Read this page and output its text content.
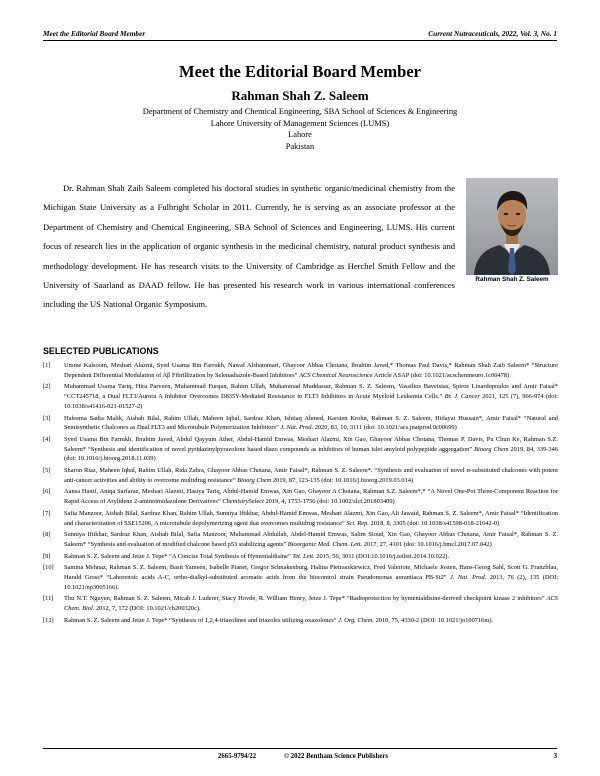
Meet the Editorial Board Member	Current Nutraceuticals, 2022, Vol. 3, No. 1
Meet the Editorial Board Member
Rahman Shah Z. Saleem
Department of Chemistry and Chemical Engineering, SBA School of Sciences & Engineering
Lahore University of Management Sciences (LUMS)
Lahore
Pakistan

Dr. Rahman Shah Zaib Saleem completed his doctoral studies in synthetic organic/medicinal chemistry from the Michigan State University as a Fulbright Scholar in 2011. Currently, he is serving as an associate professor at the Department of Chemistry and Chemical Engineering, SBA School of Sciences and Engineering, LUMS. His current focus of research lies in the application of organic synthesis in the medicinal chemistry, natural product synthesis and methodology development. He has research visits to the University of Cambridge as Herchel Smith Fellow and the University of Saarland as DAAD fellow. He has presented his research work in various international conferences including the US National Organic Symposium.

Rahman Shah Z. Saleem
SELECTED PUBLICATIONS
[1] Umme Kalsoom, Meshari Alazmi, Syed Usama Bin Farrukh, Nawaf Alshammari, Ghayoor Abbas Chotana, Ibrahim Javed,* Thomas Paul Davis,* Rahman Shah Zaib Saleem* “Structure Dependent Differential Modulation of Aβ Fibrillization by Selenadiazole-Based Inhibitors” ACS Chemical Neuroscience Article ASAP (doi: 10.1021/acschemneuro.1c00478)
[2] Muhammad Usama Tariq, Hira Parveen, Muhammad Furqan, Rahim Ullah, Muhammad Muddassar, Rahman S. Z. Saleem, Vassilios Bavetsias, Spiros Linardopoulos and Amir Faisal* “CCT245718, a Dual FLT3/Aurora A Inhibitor Overcomes D835Y-Mediated Resistance to FLT3 Inhibitors in Acute Myeloid Leukemia Cells.” Br. J. Cancer 2021, 125 (7), 966-974 (doi: 10.1038/s41416-021-01527-2)
[3] Haleema Sadia Malik, Aishah Bilal, Rahim Ullah, Maheen Iqbal, Sardraz Khan, Ishtiaq Ahmed, Karsten Krohn, Rahman S. Z. Saleem, Hidayat Hussain*, Amir Faisal* “Natural and Semisynthetic Chalcones as Dual FLT3 and Microtubule Polymerization Inhibitors” J. Nat. Prod. 2020, 83, 10, 3111 (doi: 10.1021/acs.jnatprod.0c00699)
[4] Syed Usama Bin Farrukh, Ibrahim Javed, Abdul Qayyum Ather, Abdul-Hamid Emwas, Meshari Alazmi, Xin Gao, Ghayoor Abbas Chotana, Thomas P. Davis, Pu Chun Ke, Rahman S.Z. Saleem* “Synthesis and identification of novel pyridazinylpyrazolone based diazo compounds as inhibitors of human islet amyloid polypeptide aggregation” Bioorg Chem 2019, 84, 339-346 (doi: 10.1016/j.bioorg.2018.11.039)
[5] Sharon Riaz, Maheen Iqbal, Rahim Ullah, Rida Zahra, Ghayoor Abbas Chotana, Amir Faisal*, Rahman S. Z. Saleem*. “Synthesis and evaluation of novel α-substituted chalcones with potent anti-cancer activities and ability to overcome multidrug resistance” Bioorg Chem 2019, 87, 123-135 (doi: 10.1016/j.bioorg.2019.03.014)
[6] Aansa Hanif, Aniqa Sarfaraz, Meshari Alazmi, Hasiya Tariq, Abdul-Hamid Emwas, Xin Gao, Ghayoor A Chotana, Rahman S.Z. Saleem*,* “A Novel One-Pot Three-Component Reaction for Rapid Access of Arylidene 2-aminoimidazolone Derivatives” ChemistrySelect 2019, 4, 1753-1756 (doi: 10.1002/slct.201803409)
[7] Safia Manzoor, Aishah Bilal, Sardraz Khan, Rahim Ullah, Sunniya Iftikhar, Abdul-Hamid Emwas, Meshari Alazmi, Xin Gao, Ali Jawaid, Rahman S. Z. Saleem*, Amir Faisal* “Identification and characterization of SSE15206, A microtubule depolymerizing agent that overcomes multidrug resistance” Sci. Rep. 2018, 8, 3305 (doi: 10.1038/s41598-018-21642-0)
[8] Sunniya Iftikhar, Sardraz Khan, Aishah Bilal, Safia Manzoor, Muhammad Abdullah, Abdel-Hamid Emwas, Salim Sioud, Xin Gao, Ghayoor Abbas Chotana, Amir Faisal*, Rahman S. Z. Saleem* “Synthesis and evaluation of modified chalcone based p53 stabilizing agents” Bioorganic Med. Chem. Lett. 2017, 27, 4101 (doi: 10.1016/j.bmcl.2017.07.042)
[9] Rahman S. Z. Saleem and Jetze J. Tepe* “A Concise Total Synthesis of Hymenialdisine” Tet. Lett. 2015, 56, 3011 (DOI:10.1016/j.tetlett.2014.10.022).
[10] Samina Mehnaz, Rahman S. Z. Saleem, Basit Yameen, Isabelle Pianet, Gregor Schnakenburg, Halina Pietraszkiewicz, Fred Valeriote, Michaele Josten, Hans-Georg Sahl, Scott G. Franzblau, Harald Gross* “Lahorenoic acids A-C, ortho-dialkyl-substituted aromatic acids from the biocontrol strain Pseudomonas aurantiaca PB-St2” J. Nat. Prod. 2013, 76 (2), 135 (DOI: 10.1021/np3005166).
[11] Thu N.T. Nguyen, Rahman S. Z. Saleem, Micah J. Luderer, Stacy Hovde, R. William Henry, Jetze J. Tepe* “Radioprotection by hymenialdisine-derived checkpoint kinase 2 inhibitors” ACS Chem. Biol. 2012, 7, 172 (DOI: 10.1021/cb200320c).
[12] Rahman S. Z. Saleem and Jetze J. Tepe* “Synthesis of 1,2,4-triazolines and triazoles utilizing oxazolones” J. Org. Chem. 2010, 75, 4330-2 (DOI: 10.1021/jo100716m).
2665-9794/22	© 2022 Bentham Science Publishers	3
